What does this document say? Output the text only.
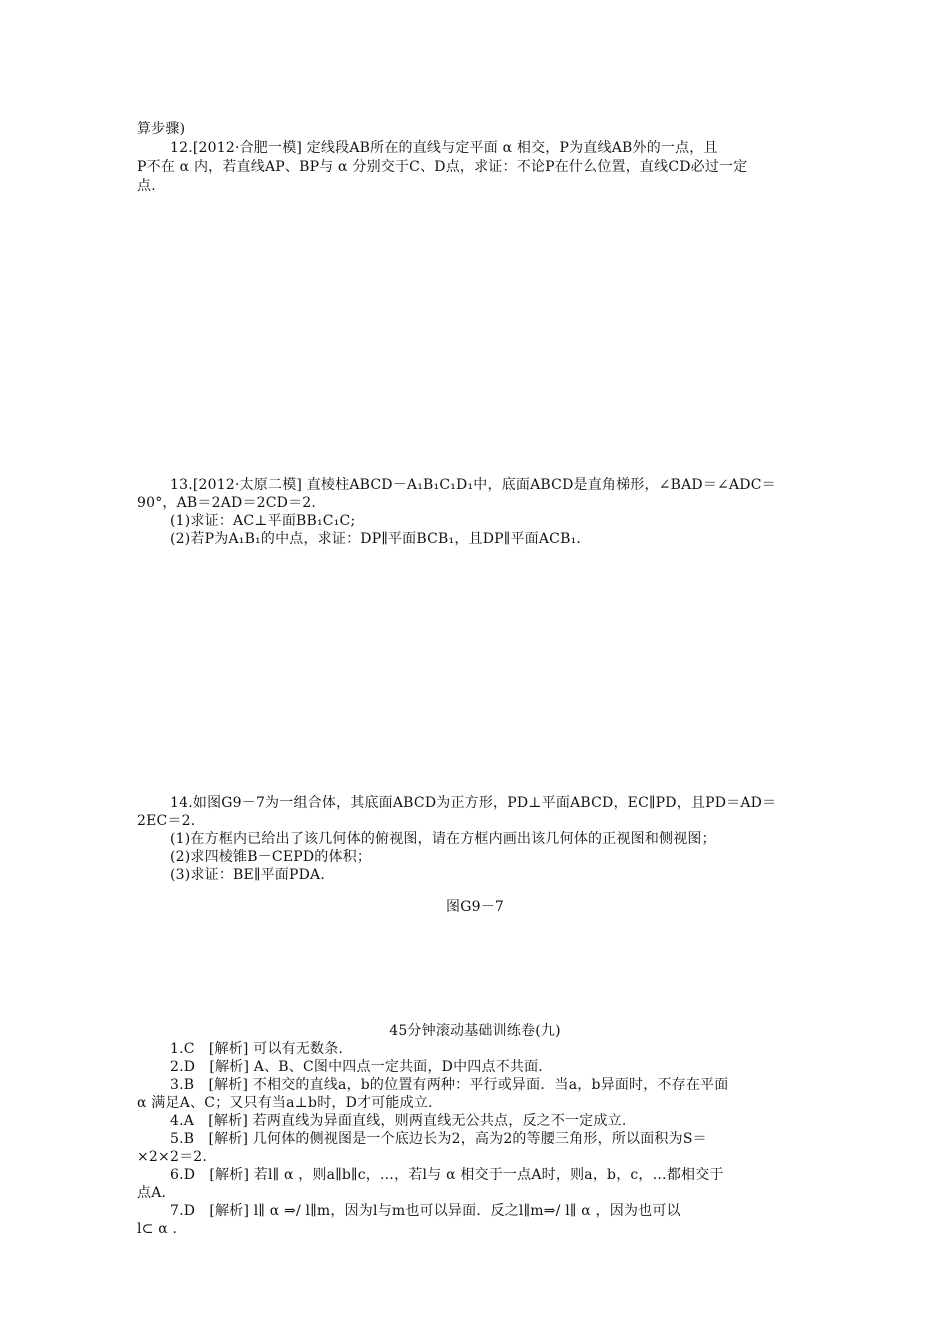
算步骤)
12.[2012·合肥一模] 定线段AB所在的直线与定平面 α 相交，P为直线AB外的一点，且
P不在 α 内，若直线AP、BP与 α 分别交于C、D点，求证：不论P在什么位置，直线CD必过一定
点.
13.[2012·太原二模] 直棱柱ABCD－A₁B₁C₁D₁中，底面ABCD是直角梯形，∠BAD＝∠ADC＝
90°，AB＝2AD＝2CD＝2.
(1)求证：AC⊥平面BB₁C₁C;
(2)若P为A₁B₁的中点，求证：DP∥平面BCB₁，且DP∥平面ACB₁.
14.如图G9－7为一组合体，其底面ABCD为正方形，PD⊥平面ABCD，EC∥PD，且PD＝AD＝
2EC＝2.
(1)在方框内已给出了该几何体的俯视图，请在方框内画出该几何体的正视图和侧视图；
(2)求四棱锥B－CEPD的体积；
(3)求证：BE∥平面PDA.
图G9－7
45分钟滚动基础训练卷(九)
1.C　[解析] 可以有无数条.
2.D　[解析] A、B、C图中四点一定共面，D中四点不共面.
3.B　[解析] 不相交的直线a，b的位置有两种：平行或异面．当a，b异面时，不存在平面
α 满足A、C；又只有当a⊥b时，D才可能成立.
4.A　[解析] 若两直线为异面直线，则两直线无公共点，反之不一定成立.
5.B　[解析] 几何体的侧视图是一个底边长为2，高为2的等腰三角形，所以面积为S＝
×2×2＝2.
6.D　[解析] 若l∥ α ，则a∥b∥c，…，若l与 α 相交于一点A时，则a，b，c，…都相交于
点A.
7.D　[解析] l∥ α ⇒/ l∥m，因为l与m也可以异面．反之l∥m⇒/ l∥ α ，因为也可以
l⊂ α .
